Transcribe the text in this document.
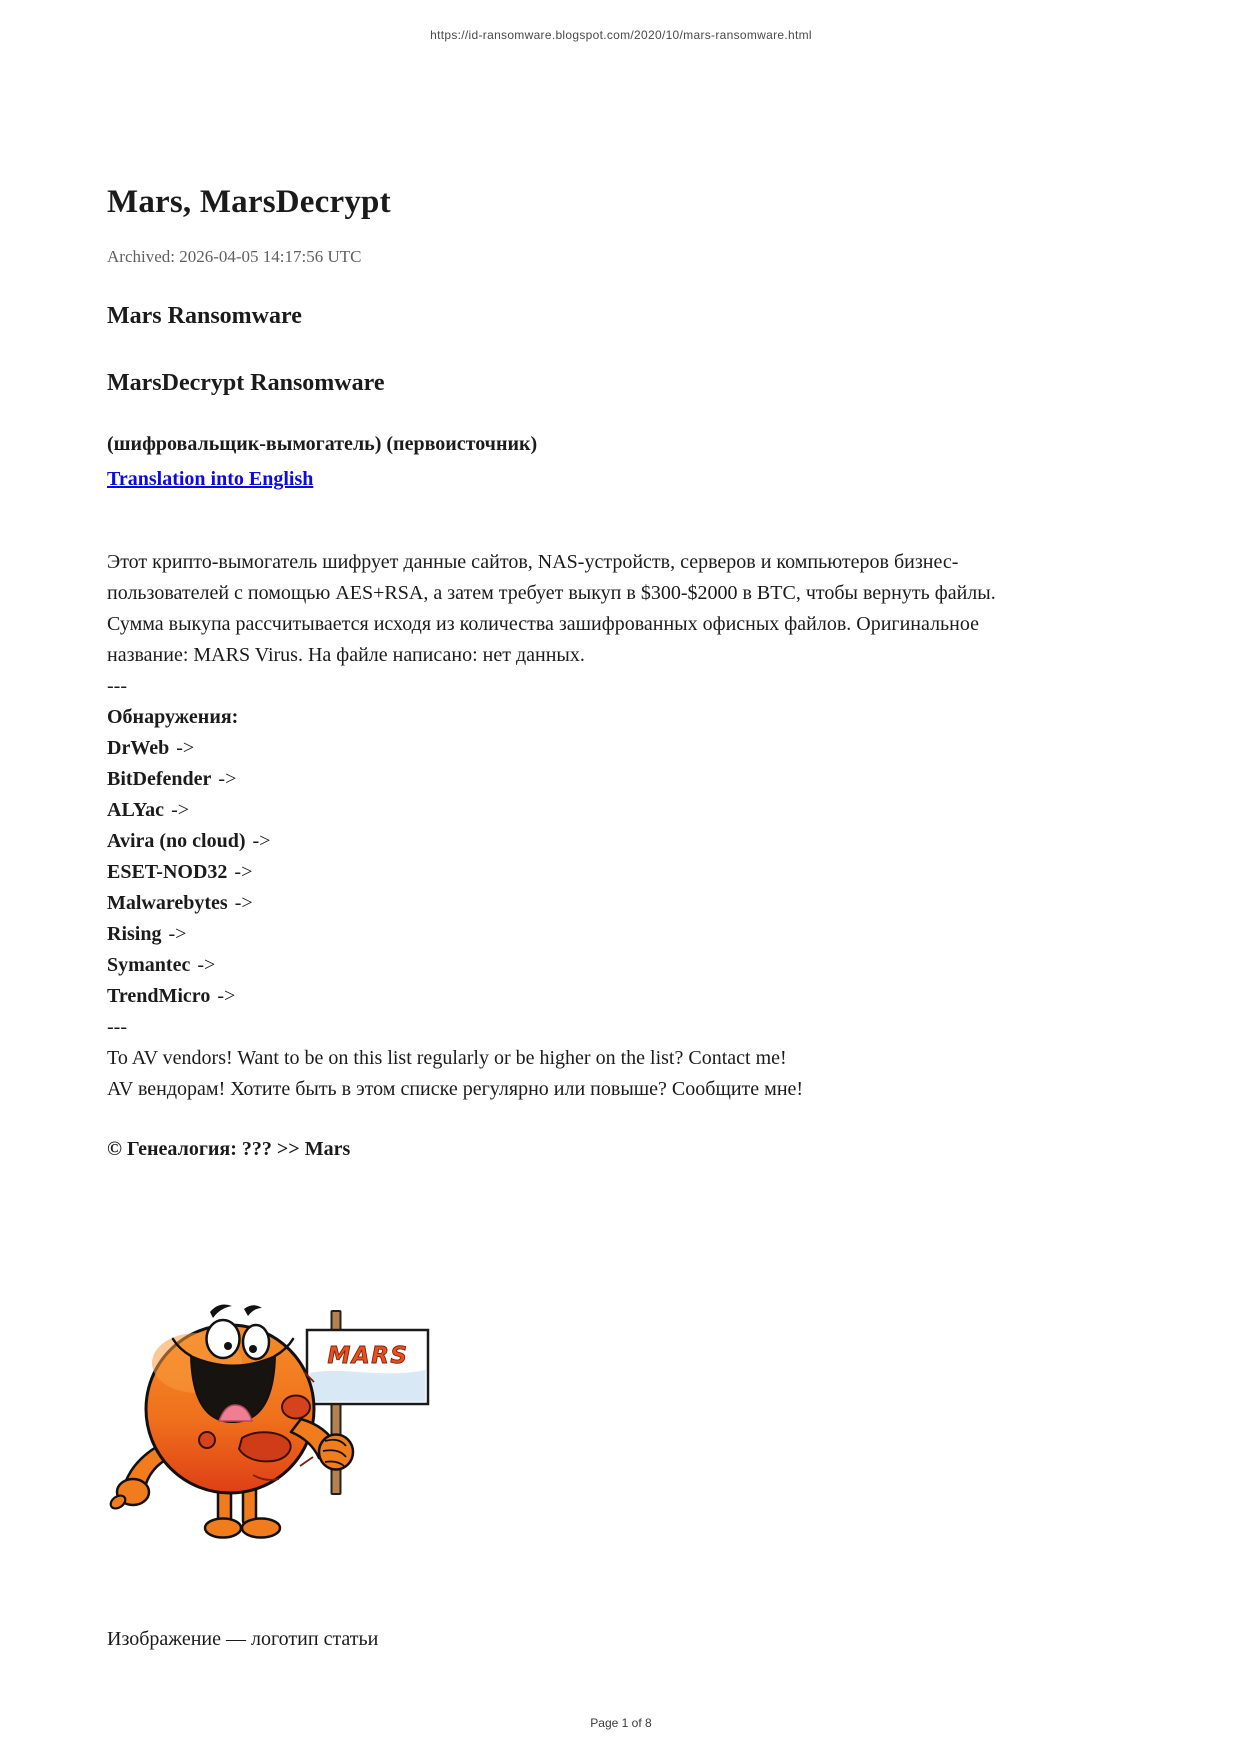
https://id-ransomware.blogspot.com/2020/10/mars-ransomware.html
Mars, MarsDecrypt

Archived: 2026-04-05 14:17:56 UTC

Mars Ransomware
MarsDecrypt Ransomware

(шифровальщик-вымогатель) (первоисточник)

Translation into English
Этот крипто-вымогатель шифрует данные сайтов, NAS-устройств, серверов и компьютеров бизнес-
пользователей с помощью AES+RSA, а затем требует выкуп в $300-$2000 в BTC, чтобы вернуть файлы.
Сумма выкупа рассчитывается исходя из количества зашифрованных офисных файлов. Оригинальное
название: MARS Virus. На файле написано: нет данных.
---
Обнаружения:
DrWeb ->
BitDefender ->
ALYac ->
Avira (no cloud) ->
ESET-NOD32 ->
Malwarebytes ->
Rising ->
Symantec ->
TrendMicro ->
---
To AV vendors! Want to be on this list regularly or be higher on the list? Contact me!
AV вендорам! Хотите быть в этом списке регулярно или повыше? Сообщите мне!

© Генеалогия: ??? >> Mars

MARS

Изображение — логотип статьи

Page 1 of 8
